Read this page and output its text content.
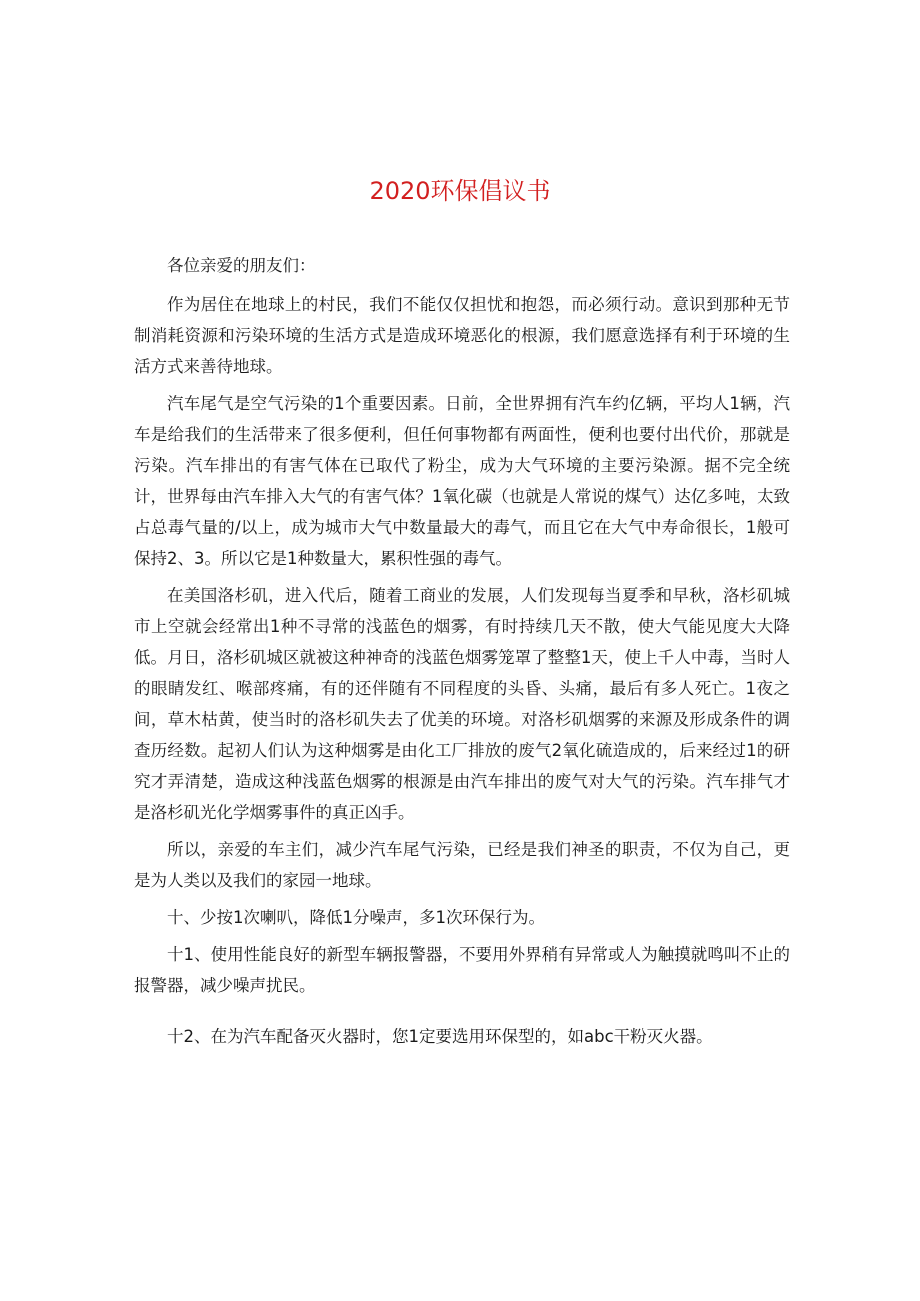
2020环保倡议书

各位亲爱的朋友们：

作为居住在地球上的村民，我们不能仅仅担忧和抱怨，而必须行动。意识到那种无节制消耗资源和污染环境的生活方式是造成环境恶化的根源，我们愿意选择有利于环境的生活方式来善待地球。

汽车尾气是空气污染的1个重要因素。日前，全世界拥有汽车约亿辆，平均人1辆，汽车是给我们的生活带来了很多便利，但任何事物都有两面性，便利也要付出代价，那就是污染。汽车排出的有害气体在已取代了粉尘，成为大气环境的主要污染源。据不完全统计，世界每由汽车排入大气的有害气体？1氧化碳（也就是人常说的煤气）达亿多吨，太致占总毒气量的/以上，成为城市大气中数量最大的毒气，而且它在大气中寿命很长，1般可保持2、3。所以它是1种数量大，累积性强的毒气。

在美国洛杉矶，进入代后，随着工商业的发展，人们发现每当夏季和早秋，洛杉矶城市上空就会经常出1种不寻常的浅蓝色的烟雾，有时持续几天不散，使大气能见度大大降低。月日，洛杉矶城区就被这种神奇的浅蓝色烟雾笼罩了整整1天，使上千人中毒，当时人的眼睛发红、喉部疼痛，有的还伴随有不同程度的头昏、头痛，最后有多人死亡。1夜之间，草木枯黄，使当时的洛杉矶失去了优美的环境。对洛杉矶烟雾的来源及形成条件的调查历经数。起初人们认为这种烟雾是由化工厂排放的废气2氧化硫造成的，后来经过1的研究才弄清楚，造成这种浅蓝色烟雾的根源是由汽车排出的废气对大气的污染。汽车排气才是洛杉矶光化学烟雾事件的真正凶手。

所以，亲爱的车主们，减少汽车尾气污染，已经是我们神圣的职责，不仅为自己，更是为人类以及我们的家园一地球。

十、少按1次喇叭，降低1分噪声，多1次环保行为。

十1、使用性能良好的新型车辆报警器，不要用外界稍有异常或人为触摸就鸣叫不止的报警器，减少噪声扰民。

十2、在为汽车配备灭火器时，您1定要选用环保型的，如abc干粉灭火器。
